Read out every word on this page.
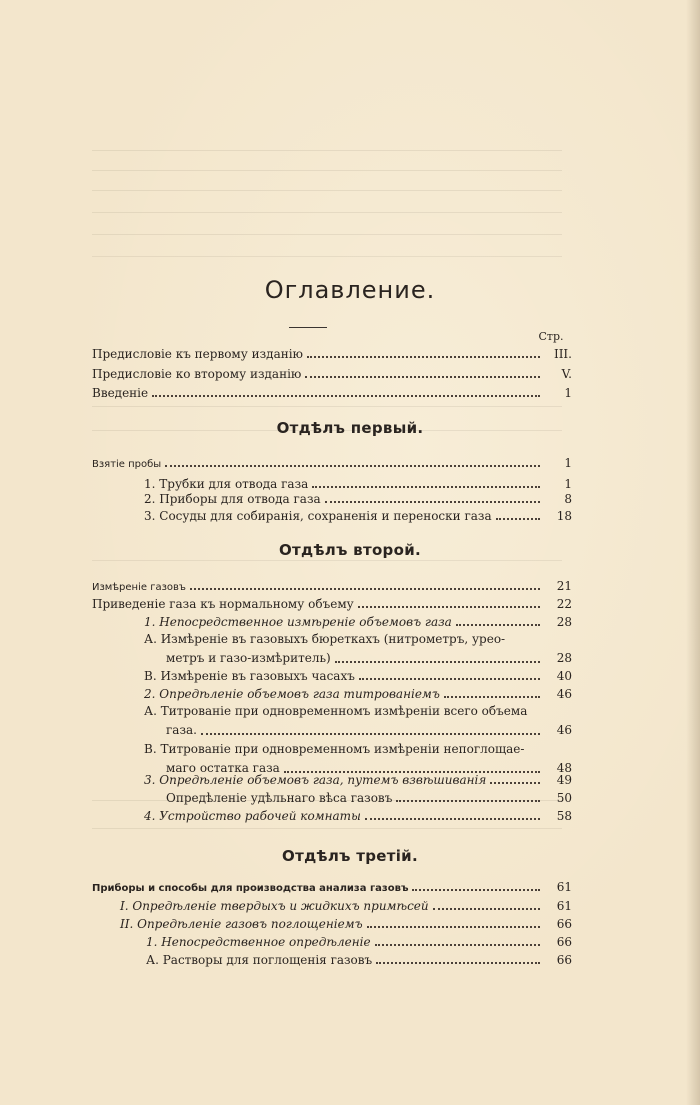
Оглавление.
Стр.
Предисловіе къ первому изданію	III.
Предисловіе ко второму изданію	V.
Введеніе	1
Отдѣлъ первый.
Взятіе пробы	1
1. Трубки для отвода газа	1
2. Приборы для отвода газа	8
3. Сосуды для собиранія, сохраненія и переноски газа	18
Отдѣлъ второй.
Измѣреніе газовъ	21
Приведеніе газа къ нормальному объему	22
1. Непосредственное измѣреніе объемовъ газа	28
А. Измѣреніе въ газовыхъ бюреткахъ (нитрометръ, урео-
метръ и газо-измѣритель)	28
В. Измѣреніе въ газовыхъ часахъ	40
2. Опредѣленіе объемовъ газа титрованіемъ	46
А. Титрованіе при одновременномъ измѣреніи всего объема
газа.	46
В. Титрованіе при одновременномъ измѣреніи непоглощае-
маго остатка газа	48
3. Опредѣленіе объемовъ газа, путемъ взвѣшиванія	49
Опредѣленіе удѣльнаго вѣса газовъ	50
4. Устройство рабочей комнаты	58
Отдѣлъ третій.
Приборы и способы для производства анализа газовъ	61
I. Опредѣленіе твердыхъ и жидкихъ примѣсей	61
II. Опредѣленіе газовъ поглощеніемъ	66
1. Непосредственное опредѣленіе	66
А. Растворы для поглощенія газовъ	66
